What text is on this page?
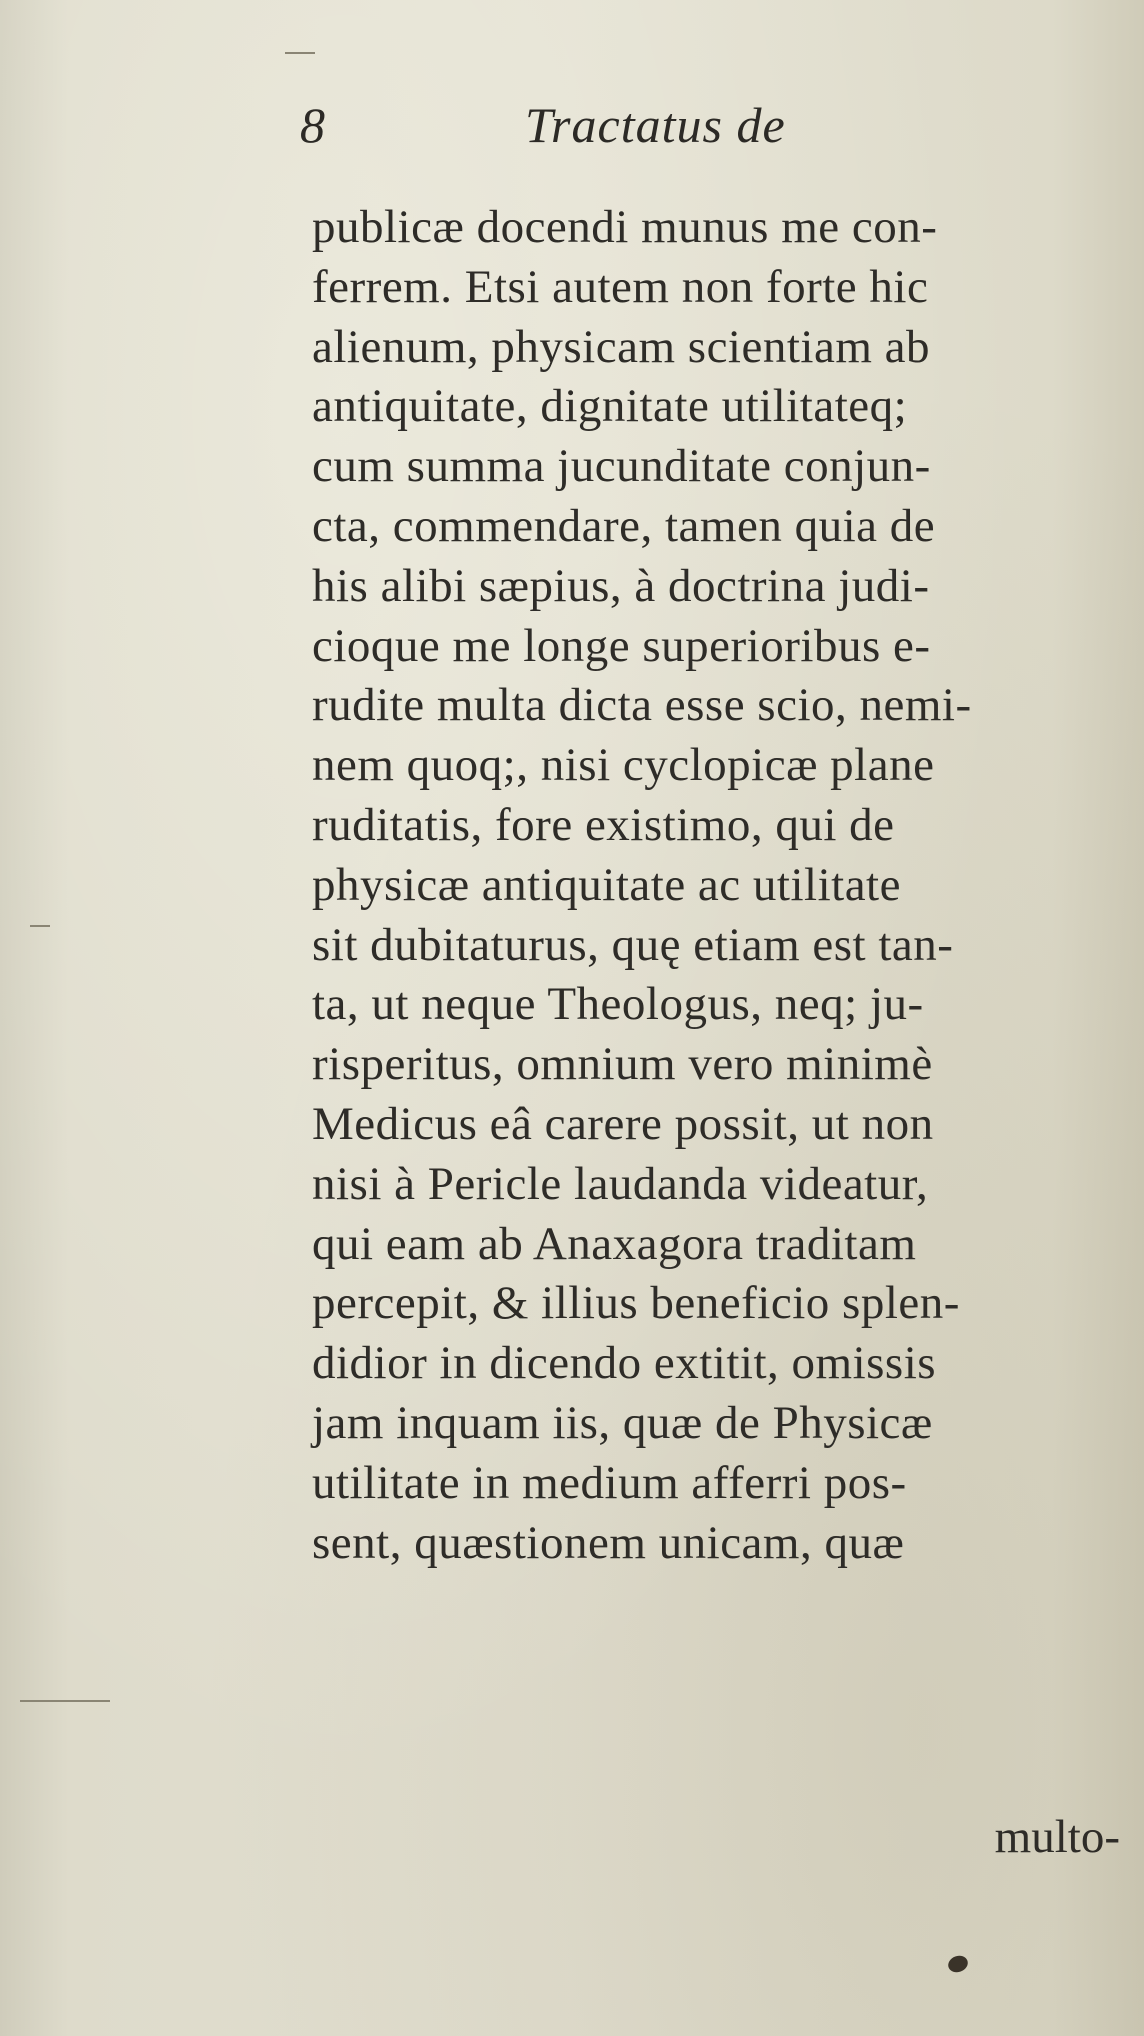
8	Tractatus de
publicæ docendi munus me con-
ferrem. Etsi autem non forte hic
alienum, physicam scientiam ab
antiquitate, dignitate utilitateq;
cum summa jucunditate conjun-
cta, commendare, tamen quia de
his alibi sæpius, à doctrina judi-
cioque me longe superioribus e-
rudite multa dicta esse scio, nemi-
nem quoq;, nisi cyclopicæ plane
ruditatis, fore existimo, qui de
physicæ antiquitate ac utilitate
sit dubitaturus, quę etiam est tan-
ta, ut neque Theologus, neq; ju-
risperitus, omnium vero minimè
Medicus eâ carere possit, ut non
nisi à Pericle laudanda videatur,
qui eam ab Anaxagora traditam
percepit, & illius beneficio splen-
didior in dicendo extitit, omissis
jam inquam iis, quæ de Physicæ
utilitate in medium afferri pos-
sent, quæstionem unicam, quæ
multo-
